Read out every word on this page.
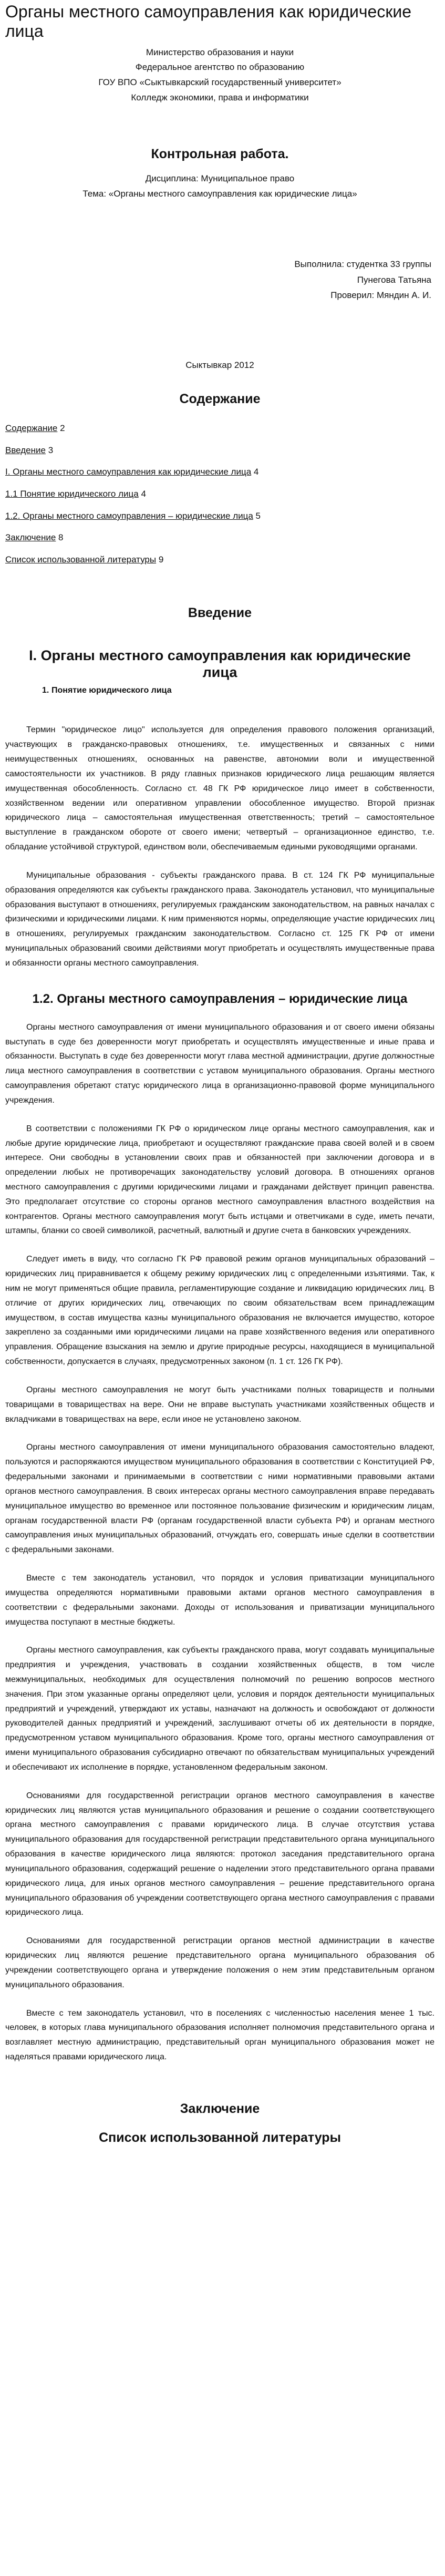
Органы местного самоуправления как юридические лица

Министерство образования и науки

Федеральное агентство по образованию

ГОУ ВПО «Сыктывкарский государственный университет»

Колледж экономики, права и информатики

Контрольная работа.

Дисциплина: Муниципальное право

Тема: «Органы местного самоуправления как юридические лица»

Выполнила: студентка 33 группы

Пунегова Татьяна

Проверил: Мяндин А. И.

Сыктывкар 2012

Содержание

Содержание 2

Введение 3

I. Органы местного самоуправления как юридические лица 4

1.1 Понятие юридического лица 4

1.2. Органы местного самоуправления – юридические лица 5

Заключение 8

Список использованной литературы 9

Введение
I. Органы местного самоуправления как юридические лица
1. Понятие юридического лица

Термин "юридическое лицо" используется для определения правового положения организаций, участвующих в гражданско-правовых отношениях, т.е. имущественных и связанных с ними неимущественных отношениях, основанных на равенстве, автономии воли и имущественной самостоятельности их участников. В ряду главных признаков юридического лица решающим является имущественная обособленность. Согласно ст. 48 ГК РФ юридическое лицо имеет в собственности, хозяйственном ведении или оперативном управлении обособленное имущество. Второй признак юридического лица – самостоятельная имущественная ответственность; третий – самостоятельное выступление в гражданском обороте от своего имени; четвертый – организационное единство, т.е. обладание устойчивой структурой, единством воли, обеспечиваемым едиными руководящими органами.

Муниципальные образования - субъекты гражданского права. В ст. 124 ГК РФ муниципальные образования определяются как субъекты гражданского права. Законодатель установил, что муниципальные образования выступают в отношениях, регулируемых гражданским законодательством, на равных началах с физическими и юридическими лицами. К ним применяются нормы, определяющие участие юридических лиц в отношениях, регулируемых гражданским законодательством. Согласно ст. 125 ГК РФ от имени муниципальных образований своими действиями могут приобретать и осуществлять имущественные права и обязанности органы местного самоуправления.

1.2. Органы местного самоуправления – юридические лица

Органы местного самоуправления от имени муниципального образования и от своего имени обязаны выступать в суде без доверенности могут приобретать и осуществлять имущественные и иные права и обязанности. Выступать в суде без доверенности могут глава местной администрации, другие должностные лица местного самоуправления в соответствии с уставом муниципального образования. Органы местного самоуправления обретают статус юридического лица в организационно-правовой форме муниципального учреждения.

В соответствии с положениями ГК РФ о юридическом лице органы местного самоуправления, как и любые другие юридические лица, приобретают и осуществляют гражданские права своей волей и в своем интересе. Они свободны в установлении своих прав и обязанностей при заключении договора и в определении любых не противоречащих законодательству условий договора. В отношениях органов местного самоуправления с другими юридическими лицами и гражданами действует принцип равенства. Это предполагает отсутствие со стороны органов местного самоуправления властного воздействия на контрагентов. Органы местного самоуправления могут быть истцами и ответчиками в суде, иметь печати, штампы, бланки со своей символикой, расчетный, валютный и другие счета в банковских учреждениях.

Следует иметь в виду, что согласно ГК РФ правовой режим органов муниципальных образований – юридических лиц приравнивается к общему режиму юридических лиц с определенными изъятиями. Так, к ним не могут применяться общие правила, регламентирующие создание и ликвидацию юридических лиц. В отличие от других юридических лиц, отвечающих по своим обязательствам всем принадлежащим имуществом, в состав имущества казны муниципального образования не включается имущество, которое закреплено за созданными ими юридическими лицами на праве хозяйственного ведения или оперативного управления. Обращение взыскания на землю и другие природные ресурсы, находящиеся в муниципальной собственности, допускается в случаях, предусмотренных законом (п. 1 ст. 126 ГК РФ).

Органы местного самоуправления не могут быть участниками полных товариществ и полными товарищами в товариществах на вере. Они не вправе выступать участниками хозяйственных обществ и вкладчиками в товариществах на вере, если иное не установлено законом.

Органы местного самоуправления от имени муниципального образования самостоятельно владеют, пользуются и распоряжаются имуществом муниципального образования в соответствии с Конституцией РФ, федеральными законами и принимаемыми в соответствии с ними нормативными правовыми актами органов местного самоуправления. В своих интересах органы местного самоуправления вправе передавать муниципальное имущество во временное или постоянное пользование физическим и юридическим лицам, органам государственной власти РФ (органам государственной власти субъекта РФ) и органам местного самоуправления иных муниципальных образований, отчуждать его, совершать иные сделки в соответствии с федеральными законами.

Вместе с тем законодатель установил, что порядок и условия приватизации муниципального имущества определяются нормативными правовыми актами органов местного самоуправления в соответствии с федеральными законами. Доходы от использования и приватизации муниципального имущества поступают в местные бюджеты.

Органы местного самоуправления, как субъекты гражданского права, могут создавать муниципальные предприятия и учреждения, участвовать в создании хозяйственных обществ, в том числе межмуниципальных, необходимых для осуществления полномочий по решению вопросов местного значения. При этом указанные органы определяют цели, условия и порядок деятельности муниципальных предприятий и учреждений, утверждают их уставы, назначают на должность и освобождают от должности руководителей данных предприятий и учреждений, заслушивают отчеты об их деятельности в порядке, предусмотренном уставом муниципального образования. Кроме того, органы местного самоуправления от имени муниципального образования субсидиарно отвечают по обязательствам муниципальных учреждений и обеспечивают их исполнение в порядке, установленном федеральным законом.

Основаниями для государственной регистрации органов местного самоуправления в качестве юридических лиц являются устав муниципального образования и решение о создании соответствующего органа местного самоуправления с правами юридического лица. В случае отсутствия устава муниципального образования для государственной регистрации представительного органа муниципального образования в качестве юридического лица являются: протокол заседания представительного органа муниципального образования, содержащий решение о наделении этого представительного органа правами юридического лица, для иных органов местного самоуправления – решение представительного органа муниципального образования об учреждении соответствующего органа местного самоуправления с правами юридического лица.

Основаниями для государственной регистрации органов местной администрации в качестве юридических лиц являются решение представительного органа муниципального образования об учреждении соответствующего органа и утверждение положения о нем этим представительным органом муниципального образования.

Вместе с тем законодатель установил, что в поселениях с численностью населения менее 1 тыс. человек, в которых глава муниципального образования исполняет полномочия представительного органа и возглавляет местную администрацию, представительный орган муниципального образования может не наделяться правами юридического лица.

Заключение
Список использованной литературы
